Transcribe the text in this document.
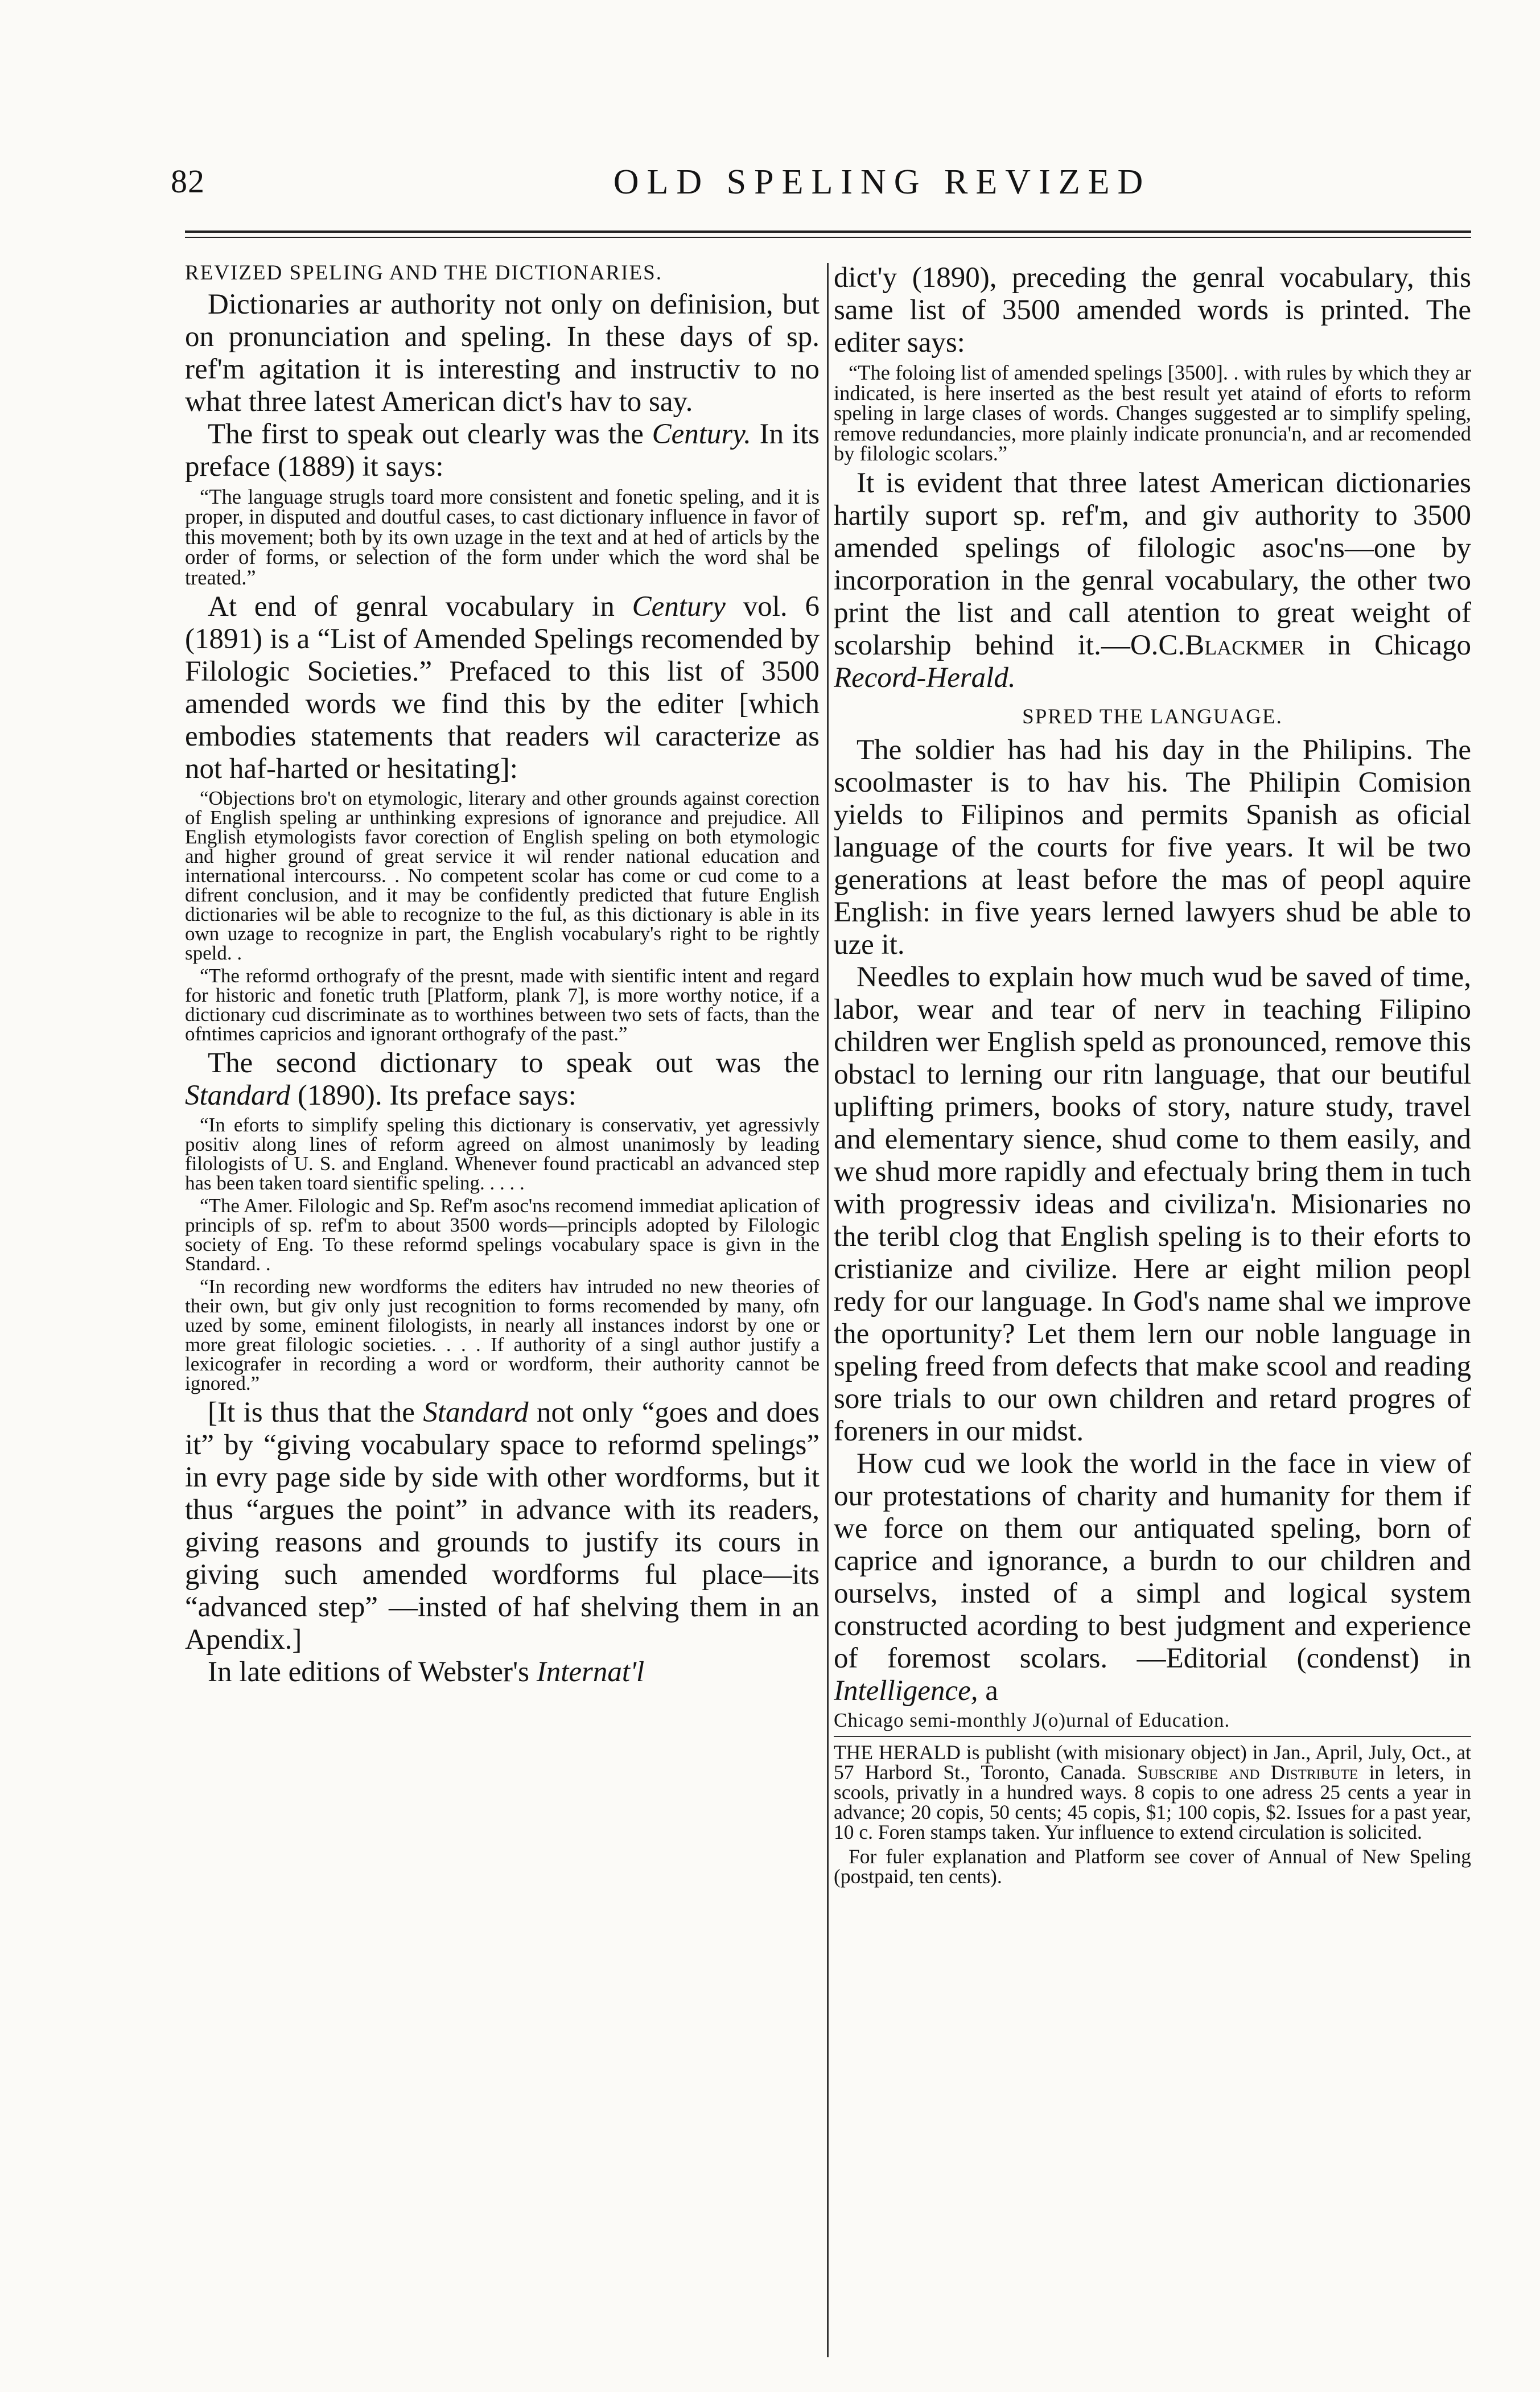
82	OLD SPELING REVIZED

REVIZED SPELING AND THE DICTIONARIES.

Dictionaries ar authority not only on definision, but on pronunciation and speling. In these days of sp. ref'm agitation it is interesting and instructiv to no what three latest American dict's hav to say.

The first to speak out clearly was the Century. In its preface (1889) it says:

“The language strugls toard more consistent and fonetic speling, and it is proper, in disputed and doutful cases, to cast dictionary influence in favor of this movement; both by its own uzage in the text and at hed of articls by the order of forms, or selection of the form under which the word shal be treated.”

At end of genral vocabulary in Century vol. 6 (1891) is a “List of Amended Spelings recomended by Filologic Societies.” Prefaced to this list of 3500 amended words we find this by the editer [which embodies statements that readers wil caracterize as not haf-harted or hesitating]:

“Objections bro't on etymologic, literary and other grounds against corection of English speling ar unthinking expresions of ignorance and prejudice. All English etymologists favor corection of English speling on both etymologic and higher ground of great service it wil render national education and international intercourss. . No competent scolar has come or cud come to a difrent conclusion, and it may be confidently predicted that future English dictionaries wil be able to recognize to the ful, as this dictionary is able in its own uzage to recognize in part, the English vocabulary's right to be rightly speld. .

“The reformd orthografy of the presnt, made with sientific intent and regard for historic and fonetic truth [Platform, plank 7], is more worthy notice, if a dictionary cud discriminate as to worthines between two sets of facts, than the ofntimes capricios and ignorant orthografy of the past.”

The second dictionary to speak out was the Standard (1890). Its preface says:

“In eforts to simplify speling this dictionary is conservativ, yet agressivly positiv along lines of reform agreed on almost unanimosly by leading filologists of U. S. and England. Whenever found practicabl an advanced step has been taken toard sientific speling. . . . .

“The Amer. Filologic and Sp. Ref'm asoc'ns recomend immediat aplication of principls of sp. ref'm to about 3500 words—principls adopted by Filologic society of Eng. To these reformd spelings vocabulary space is givn in the Standard. .

“In recording new wordforms the editers hav intruded no new theories of their own, but giv only just recognition to forms recomended by many, ofn uzed by some, eminent filologists, in nearly all instances indorst by one or more great filologic societies. . . . If authority of a singl author justify a lexicografer in recording a word or wordform, their authority cannot be ignored.”

[It is thus that the Standard not only “goes and does it” by “giving vocabulary space to reformd spelings” in evry page side by side with other wordforms, but it thus “argues the point” in advance with its readers, giving reasons and grounds to justify its cours in giving such amended wordforms ful place—its “advanced step” —insted of haf shelving them in an Apendix.]

In late editions of Webster's Internat'l

dict'y (1890), preceding the genral vocabulary, this same list of 3500 amended words is printed. The editer says:

“The foloing list of amended spelings [3500]. . with rules by which they ar indicated, is here inserted as the best result yet ataind of eforts to reform speling in large clases of words. Changes suggested ar to simplify speling, remove redundancies, more plainly indicate pronuncia'n, and ar recomended by filologic scolars.”

It is evident that three latest American dictionaries hartily suport sp. ref'm, and giv authority to 3500 amended spelings of filologic asoc'ns—one by incorporation in the genral vocabulary, the other two print the list and call atention to great weight of scolarship behind it.—O.C.Blackmer in Chicago Record-Herald.

SPRED THE LANGUAGE.

The soldier has had his day in the Philipins. The scoolmaster is to hav his. The Philipin Comision yields to Filipinos and permits Spanish as oficial language of the courts for five years. It wil be two generations at least before the mas of peopl aquire English: in five years lerned lawyers shud be able to uze it.

Needles to explain how much wud be saved of time, labor, wear and tear of nerv in teaching Filipino children wer English speld as pronounced, remove this obstacl to lerning our ritn language, that our beutiful uplifting primers, books of story, nature study, travel and elementary sience, shud come to them easily, and we shud more rapidly and efectualy bring them in tuch with progressiv ideas and civiliza'n. Misionaries no the teribl clog that English speling is to their eforts to cristianize and civilize. Here ar eight milion peopl redy for our language. In God's name shal we improve the oportunity? Let them lern our noble language in speling freed from defects that make scool and reading sore trials to our own children and retard progres of foreners in our midst.

How cud we look the world in the face in view of our protestations of charity and humanity for them if we force on them our antiquated speling, born of caprice and ignorance, a burdn to our children and ourselvs, insted of a simpl and logical system constructed acording to best judgment and experience of foremost scolars. —Editorial (condenst) in Intelligence, a

Chicago semi-monthly J(o)urnal of Education.

THE HERALD is publisht (with misionary object) in Jan., April, July, Oct., at 57 Harbord St., Toronto, Canada. Subscribe and Distribute in leters, in scools, privatly in a hundred ways. 8 copis to one adress 25 cents a year in advance; 20 copis, 50 cents; 45 copis, $1; 100 copis, $2. Issues for a past year, 10 c. Foren stamps taken. Yur influence to extend circulation is solicited.

For fuler explanation and Platform see cover of Annual of New Speling (postpaid, ten cents).
